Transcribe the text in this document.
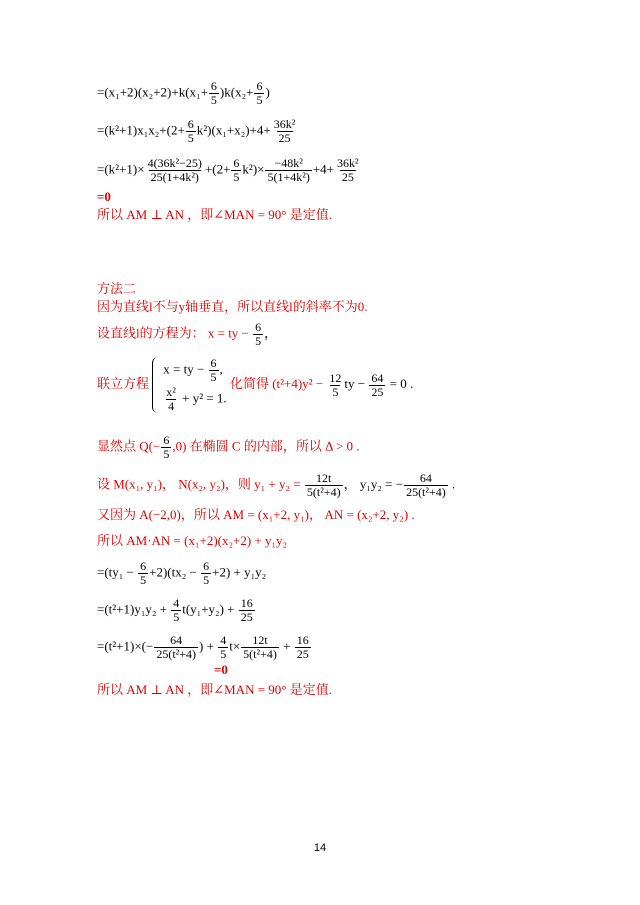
$=(x_1+2)(x_2+2)+k(x_1+ \frac{6}{5} )k(x_2+ \frac{6}{5}$ )
$=(k^2+1)x_1x_2+(2+ \frac{6}{5} k^2)(x_1+x_2)+4+ \frac{\text{36k²}}{25}$
$=(k^2+1)\times \frac{\text{4(36k²−25)}}{\text{25(1+4k²)}} +(2+ \frac{6}{5} k^2)\times \frac{\text{−48k²}}{\text{5(1+4k²)}} +4+ \frac{\text{36k²}}{25}$
=0
所以 AM ⊥ AN ，即∠MAN = 90° 是定值.
方法二
因为直线l不与y轴垂直，所以直线l的斜率不为0.
设直线l的方程为： x = ty − $\frac{6}{5}$ ，
联立方程
x = ty − $\frac{6}{5}$ ,
$\frac{\text{x²}}{4} + y^2 = 1$.
化简得 $(t^2+4)y^2 - \frac{12}{5}$ ty − $\frac{64}{25} = 0$ .
显然点 $Q(- \frac{6}{5} ,0)$ 在椭圆 C 的内部，所以 Δ > 0 .
设 M(x₁, y₁)， N(x₂, y₂)，则 $y_1 + y_2 = \frac{12t}{\text{5(t²+4)}}$ ， y₁y₂ = − $\frac{64}{\text{25(t²+4)}}$ .
又因为 A(−2,0)，所以 AM = (x₁+2, y₁)， AN = (x₂+2, y₂) .
所以 AM·AN = (x₁+2)(x₂+2) + y₁y₂
$=(ty_1 - \frac{6}{5} +2)(tx_2 - \frac{6}{5} +2) + y_1y_2$
$=(t^2+1)y_1y_2 + \frac{4}{5} t(y_1+y_2) + \frac{16}{25}$
$=(t^2+1)\times(- \frac{64}{\text{25(t²+4)}}$ ) + $\frac{4}{5} t\times \frac{12t}{\text{5(t²+4)}} + \frac{16}{25}$
=0
所以 AM ⊥ AN ，即∠MAN = 90° 是定值.
14
